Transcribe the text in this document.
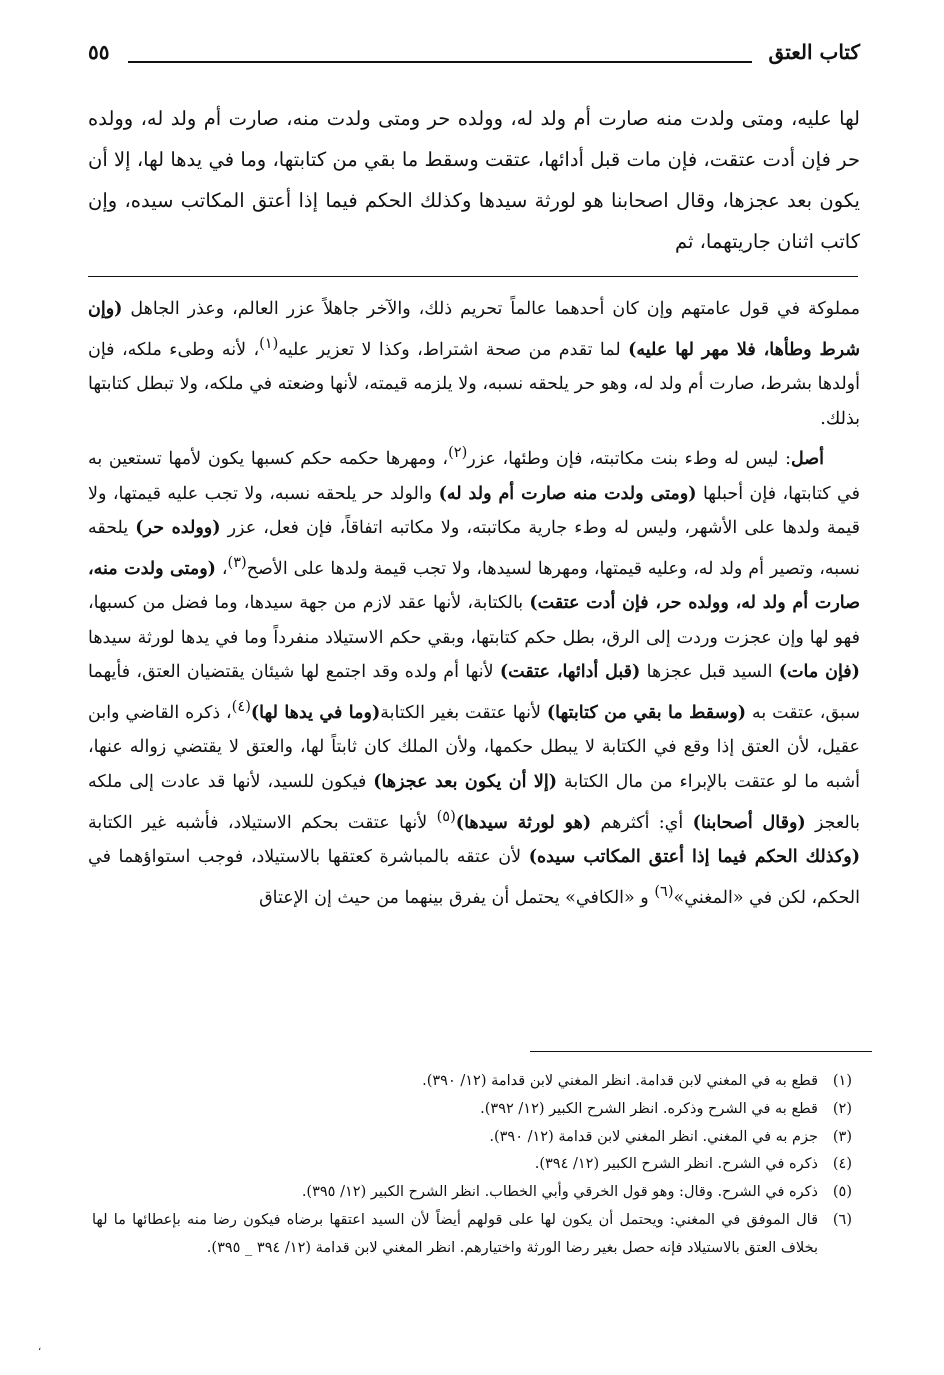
كتاب العتق
٥٥

لها عليه، ومتى ولدت منه صارت أم ولد له، وولده حر ومتى ولدت منه، صارت أم ولد له، وولده حر فإن أدت عتقت، فإن مات قبل أدائها، عتقت وسقط ما بقي من كتابتها، وما في يدها لها، إلا أن يكون بعد عجزها، وقال اصحابنا هو لورثة سيدها وكذلك الحكم فيما إذا أعتق المكاتب سيده، وإن كاتب اثنان جاريتهما، ثم

مملوكة في قول عامتهم وإن كان أحدهما عالماً تحريم ذلك، والآخر جاهلاً عزر العالم، وعذر الجاهل (وإن شرط وطأها، فلا مهر لها عليه) لما تقدم من صحة اشتراط، وكذا لا تعزير عليه$^{(١)}$، لأنه وطىء ملكه، فإن أولدها بشرط، صارت أم ولد له، وهو حر يلحقه نسبه، ولا يلزمه قيمته، لأنها وضعته في ملكه، ولا تبطل كتابتها بذلك.

أصل: ليس له وطء بنت مكاتبته، فإن وطئها، عزر$^{(٢)}$، ومهرها حكمه حكم كسبها يكون لأمها تستعين به في كتابتها، فإن أحبلها (ومتى ولدت منه صارت أم ولد له) والولد حر يلحقه نسبه، ولا تجب عليه قيمتها، ولا قيمة ولدها على الأشهر، وليس له وطء جارية مكاتبته، ولا مكاتبه اتفاقاً، فإن فعل، عزر (وولده حر) يلحقه نسبه، وتصير أم ولد له، وعليه قيمتها، ومهرها لسيدها، ولا تجب قيمة ولدها على الأصح$^{(٣)}$، (ومتى ولدت منه، صارت أم ولد له، وولده حر، فإن أدت عتقت) بالكتابة، لأنها عقد لازم من جهة سيدها، وما فضل من كسبها، فهو لها وإن عجزت وردت إلى الرق، بطل حكم كتابتها، وبقي حكم الاستيلاد منفرداً وما في يدها لورثة سيدها (فإن مات) السيد قبل عجزها (قبل أدائها، عتقت) لأنها أم ولده وقد اجتمع لها شيئان يقتضيان العتق، فأيهما سبق، عتقت به (وسقط ما بقي من كتابتها) لأنها عتقت بغير الكتابة(وما في يدها لها)$^{(٤)}$، ذكره القاضي وابن عقيل، لأن العتق إذا وقع في الكتابة لا يبطل حكمها، ولأن الملك كان ثابتاً لها، والعتق لا يقتضي زواله عنها، أشبه ما لو عتقت بالإبراء من مال الكتابة (إلا أن يكون بعد عجزها) فيكون للسيد، لأنها قد عادت إلى ملكه بالعجز (وقال أصحابنا) أي: أكثرهم (هو لورثة سيدها)$^{(٥)}$ لأنها عتقت بحكم الاستيلاد، فأشبه غير الكتابة (وكذلك الحكم فيما إذا أعتق المكاتب سيده) لأن عتقه بالمباشرة كعتقها بالاستيلاد، فوجب استواؤهما في الحكم، لكن في «المغني»$^{(٦)}$ و «الكافي» يحتمل أن يفرق بينهما من حيث إن الإعتاق

(١)
قطع به في المغني لابن قدامة. انظر المغني لابن قدامة (١٢/ ٣٩٠).
(٢)
قطع به في الشرح وذكره. انظر الشرح الكبير (١٢/ ٣٩٢).
(٣)
جزم به في المغني. انظر المغني لابن قدامة (١٢/ ٣٩٠).
(٤)
ذكره في الشرح. انظر الشرح الكبير (١٢/ ٣٩٤).
(٥)
ذكره في الشرح. وقال: وهو قول الخرقي وأبي الخطاب. انظر الشرح الكبير (١٢/ ٣٩٥).
(٦)
قال الموفق في المغني: ويحتمل أن يكون لها على قولهم أيضاً لأن السيد اعتقها برضاه فيكون رضا منه بإعطائها ما لها بخلاف العتق بالاستيلاد فإنه حصل بغير رضا الورثة واختيارهم. انظر المغني لابن قدامة (١٢/ ٣٩٤ _ ٣٩٥).
،
